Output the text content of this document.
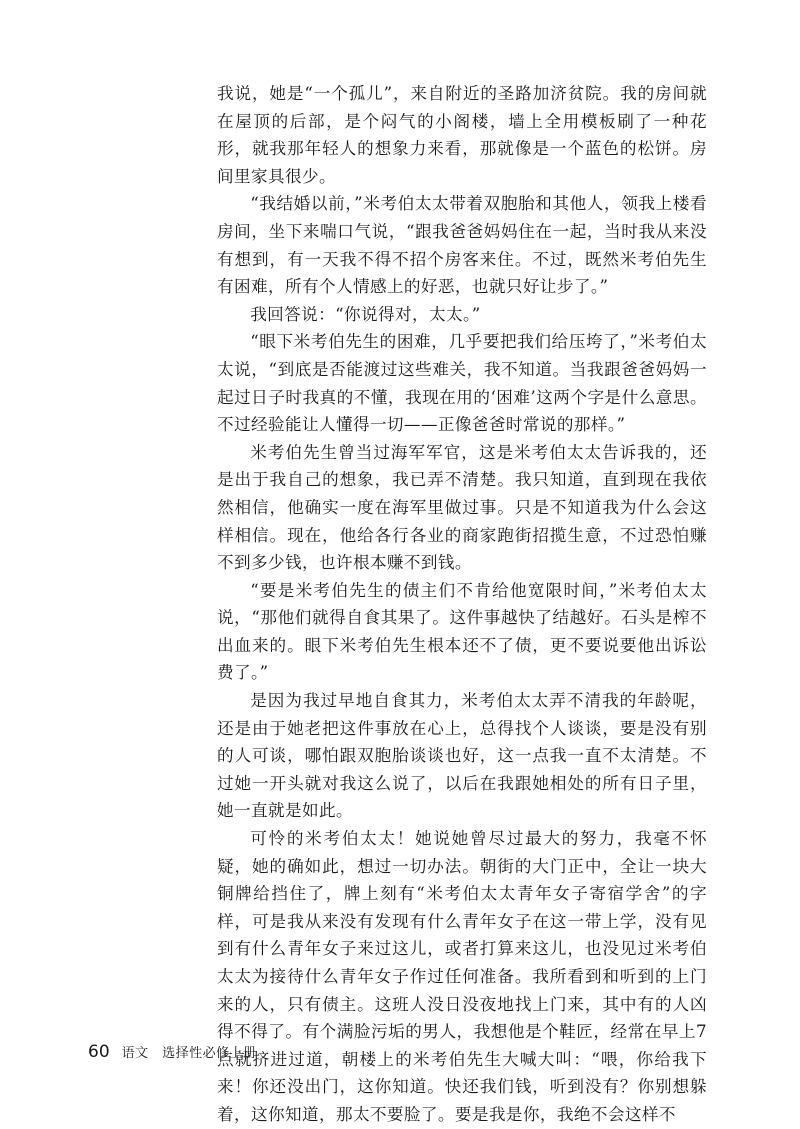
我说，她是“一个孤儿”，来自附近的圣路加济贫院。我的房间就在屋顶的后部，是个闷气的小阁楼，墙上全用模板刷了一种花形，就我那年轻人的想象力来看，那就像是一个蓝色的松饼。房间里家具很少。

“我结婚以前，”米考伯太太带着双胞胎和其他人，领我上楼看房间，坐下来喘口气说，“跟我爸爸妈妈住在一起，当时我从来没有想到，有一天我不得不招个房客来住。不过，既然米考伯先生有困难，所有个人情感上的好恶，也就只好让步了。”

我回答说：“你说得对，太太。”

“眼下米考伯先生的困难，几乎要把我们给压垮了，”米考伯太太说，“到底是否能渡过这些难关，我不知道。当我跟爸爸妈妈一起过日子时我真的不懂，我现在用的‘困难’这两个字是什么意思。不过经验能让人懂得一切——正像爸爸时常说的那样。”

米考伯先生曾当过海军军官，这是米考伯太太告诉我的，还是出于我自己的想象，我已弄不清楚。我只知道，直到现在我依然相信，他确实一度在海军里做过事。只是不知道我为什么会这样相信。现在，他给各行各业的商家跑街招揽生意，不过恐怕赚不到多少钱，也许根本赚不到钱。

“要是米考伯先生的债主们不肯给他宽限时间，”米考伯太太说，“那他们就得自食其果了。这件事越快了结越好。石头是榨不出血来的。眼下米考伯先生根本还不了债，更不要说要他出诉讼费了。”

是因为我过早地自食其力，米考伯太太弄不清我的年龄呢，还是由于她老把这件事放在心上，总得找个人谈谈，要是没有别的人可谈，哪怕跟双胞胎谈谈也好，这一点我一直不太清楚。不过她一开头就对我这么说了，以后在我跟她相处的所有日子里，她一直就是如此。

可怜的米考伯太太！她说她曾尽过最大的努力，我毫不怀疑，她的确如此，想过一切办法。朝街的大门正中，全让一块大铜牌给挡住了，牌上刻有“米考伯太太青年女子寄宿学舍”的字样，可是我从来没有发现有什么青年女子在这一带上学，没有见到有什么青年女子来过这儿，或者打算来这儿，也没见过米考伯太太为接待什么青年女子作过任何准备。我所看到和听到的上门来的人，只有债主。这班人没日没夜地找上门来，其中有的人凶得不得了。有个满脸污垢的男人，我想他是个鞋匠，经常在早上7点就挤进过道，朝楼上的米考伯先生大喊大叫：“喂，你给我下来！你还没出门，这你知道。快还我们钱，听到没有？你别想躲着，这你知道，那太不要脸了。要是我是你，我绝不会这样不

60 语文　选择性必修上册
